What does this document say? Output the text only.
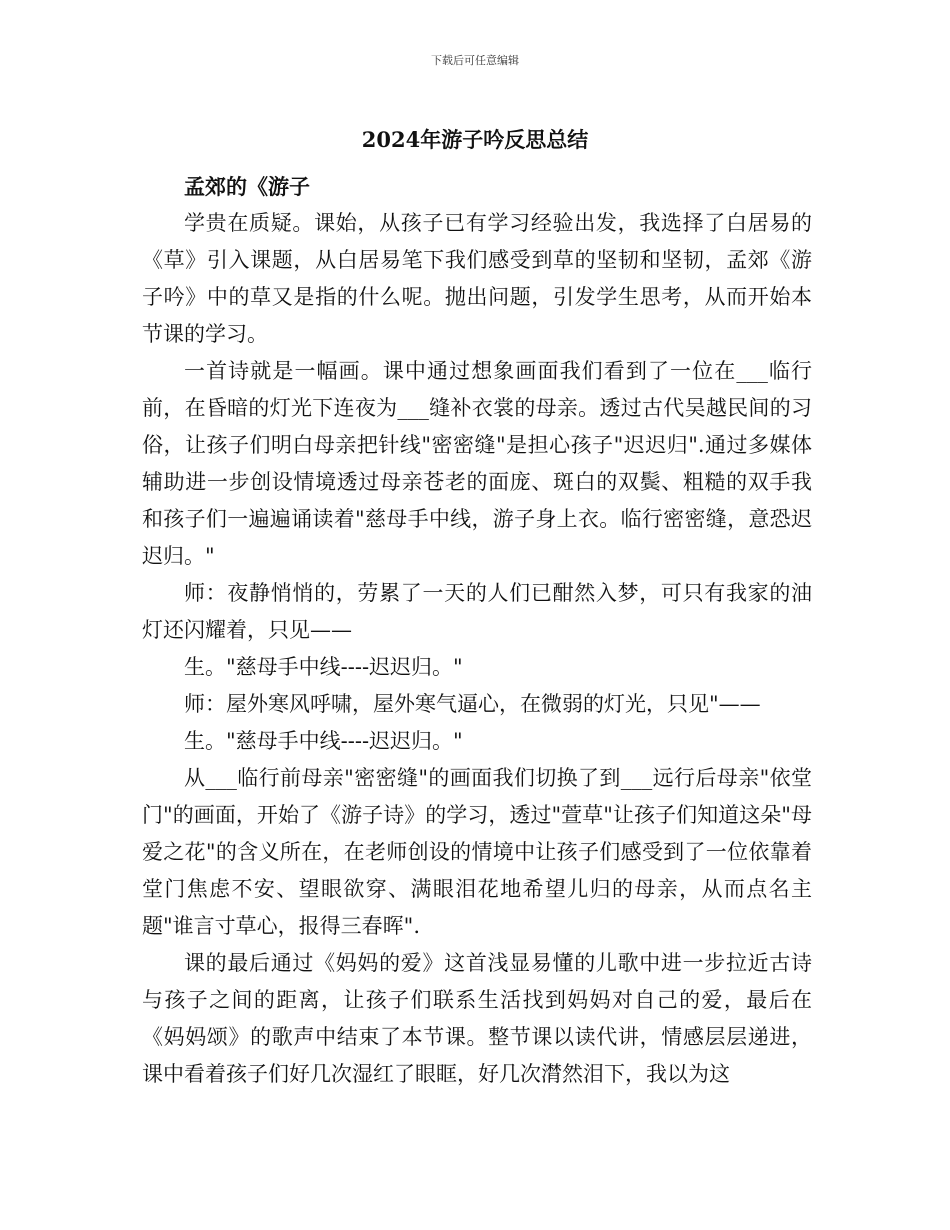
下载后可任意编辑
2024年游子吟反思总结

孟郊的《游子

学贵在质疑。课始，从孩子已有学习经验出发，我选择了白居易的《草》引入课题，从白居易笔下我们感受到草的坚韧和坚韧，孟郊《游子吟》中的草又是指的什么呢。抛出问题，引发学生思考，从而开始本节课的学习。

一首诗就是一幅画。课中通过想象画面我们看到了一位在___临行前，在昏暗的灯光下连夜为___缝补衣裳的母亲。透过古代吴越民间的习俗，让孩子们明白母亲把针线"密密缝"是担心孩子"迟迟归".通过多媒体辅助进一步创设情境透过母亲苍老的面庞、斑白的双鬓、粗糙的双手我和孩子们一遍遍诵读着"慈母手中线，游子身上衣。临行密密缝，意恐迟迟归。"

师：夜静悄悄的，劳累了一天的人们已酣然入梦，可只有我家的油灯还闪耀着，只见——

生。"慈母手中线----迟迟归。"

师：屋外寒风呼啸，屋外寒气逼心，在微弱的灯光，只见"——

生。"慈母手中线----迟迟归。"

从___临行前母亲"密密缝"的画面我们切换了到___远行后母亲"依堂门"的画面，开始了《游子诗》的学习，透过"萱草"让孩子们知道这朵"母爱之花"的含义所在，在老师创设的情境中让孩子们感受到了一位依靠着堂门焦虑不安、望眼欲穿、满眼泪花地希望儿归的母亲，从而点名主题"谁言寸草心，报得三春晖".

课的最后通过《妈妈的爱》这首浅显易懂的儿歌中进一步拉近古诗与孩子之间的距离，让孩子们联系生活找到妈妈对自己的爱，最后在《妈妈颂》的歌声中结束了本节课。整节课以读代讲，情感层层递进，课中看着孩子们好几次湿红了眼眶，好几次潸然泪下，我以为这
